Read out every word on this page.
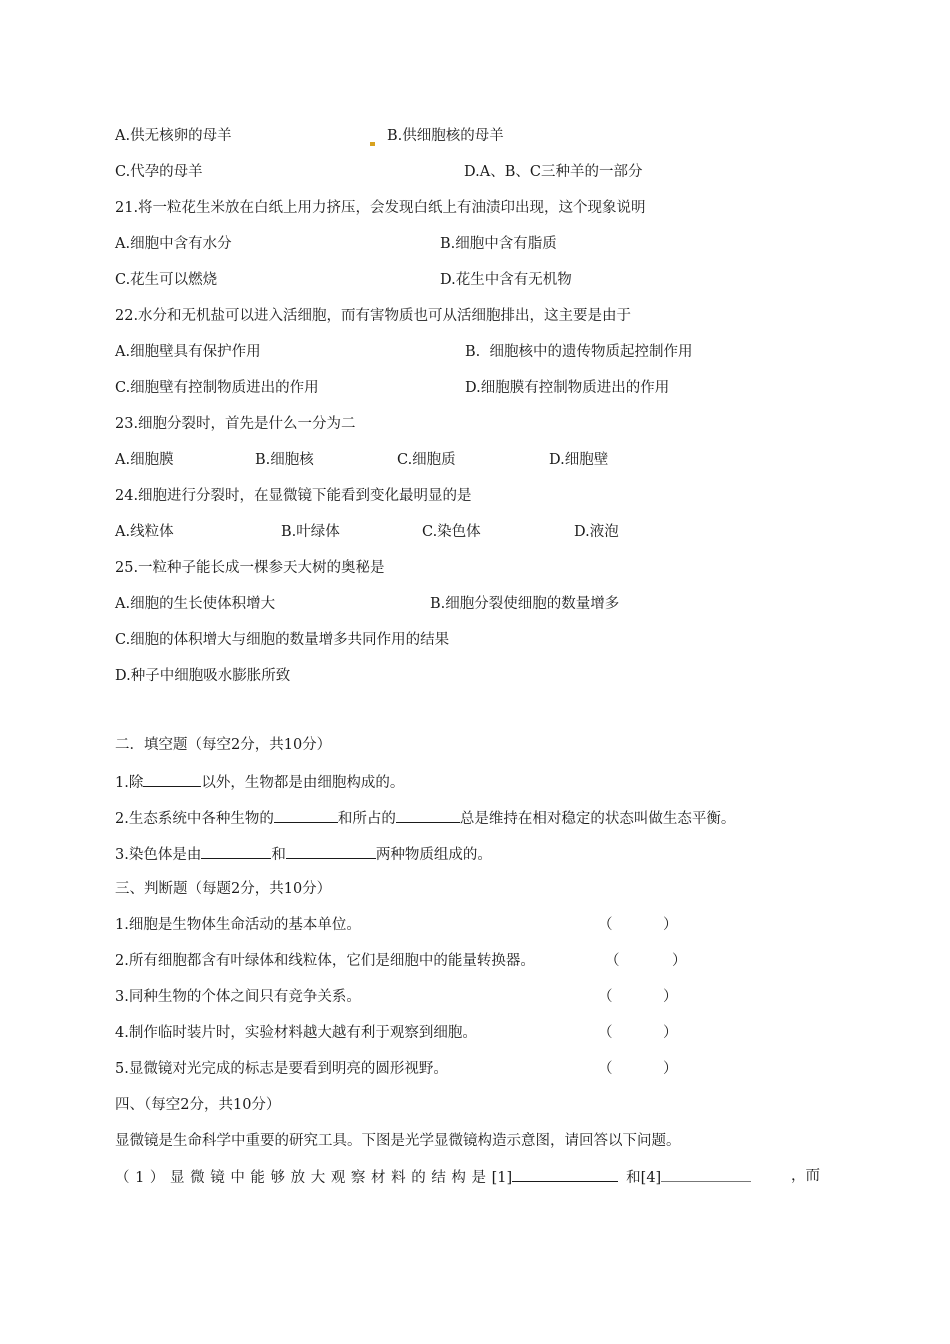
A.供无核卵的母羊	B.供细胞核的母羊
C.代孕的母羊	D.A、B、C三种羊的一部分
21.将一粒花生米放在白纸上用力挤压，会发现白纸上有油渍印出现，这个现象说明
A.细胞中含有水分	B.细胞中含有脂质
C.花生可以燃烧	D.花生中含有无机物
22.水分和无机盐可以进入活细胞，而有害物质也可从活细胞排出，这主要是由于
A.细胞壁具有保护作用	B.  细胞核中的遗传物质起控制作用
C.细胞壁有控制物质进出的作用	D.细胞膜有控制物质进出的作用
23.细胞分裂时，首先是什么一分为二
A.细胞膜	B.细胞核	C.细胞质	D.细胞壁
24.细胞进行分裂时，在显微镜下能看到变化最明显的是
A.线粒体	B.叶绿体	C.染色体	D.液泡
25.一粒种子能长成一棵参天大树的奥秘是
A.细胞的生长使体积增大	B.细胞分裂使细胞的数量增多
C.细胞的体积增大与细胞的数量增多共同作用的结果
D.种子中细胞吸水膨胀所致
二．填空题（每空2分，共10分）
1.除	以外，生物都是由细胞构成的。
2.生态系统中各种生物的	和所占的	总是维持在相对稳定的状态叫做生态平衡。
3.染色体是由	和	两种物质组成的。
三、判断题（每题2分，共10分）
1.细胞是生物体生命活动的基本单位。	（	）
2.所有细胞都含有叶绿体和线粒体，它们是细胞中的能量转换器。	（	）
3.同种生物的个体之间只有竞争关系。	（	）
4.制作临时装片时，实验材料越大越有利于观察到细胞。	（	）
5.显微镜对光完成的标志是要看到明亮的圆形视野。	（	）
四、（每空2分，共10分）
显微镜是生命科学中重要的研究工具。下图是光学显微镜构造示意图，请回答以下问题。
（1）显微镜中能够放大观察材料的结构是[1]	和[4]	，而
